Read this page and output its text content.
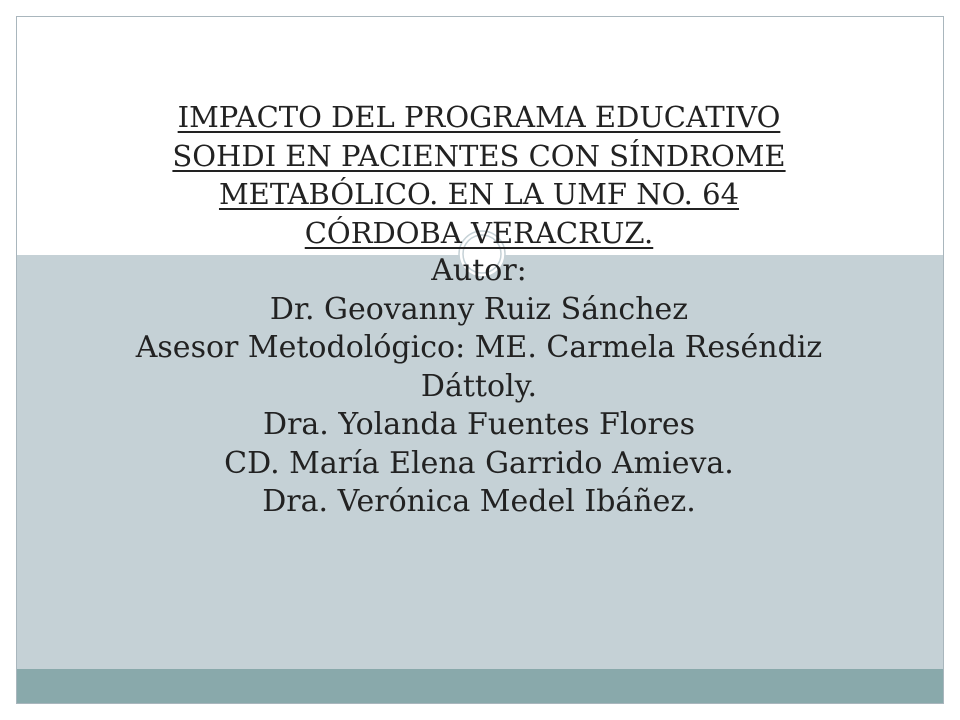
IMPACTO DEL PROGRAMA EDUCATIVO
SOHDI EN PACIENTES CON SÍNDROME
METABÓLICO. EN LA UMF NO. 64
CÓRDOBA VERACRUZ.
Autor:
Dr. Geovanny Ruiz Sánchez
Asesor Metodológico: ME. Carmela Reséndiz
Dáttoly.
Dra. Yolanda Fuentes Flores
CD. María Elena Garrido Amieva.
Dra. Verónica Medel Ibáñez.
